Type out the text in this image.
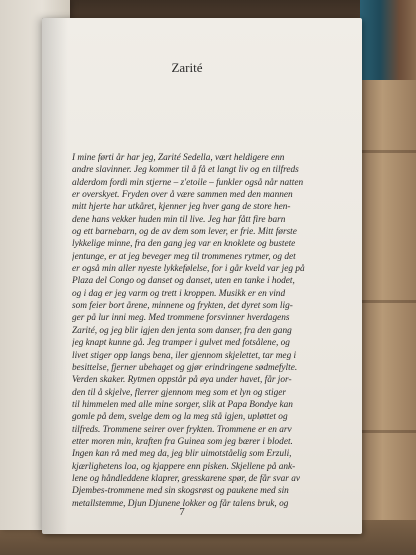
Zarité
I mine førti år har jeg, Zarité Sedella, vært heldigere enn
andre slavinner. Jeg kommer til å få et langt liv og en tilfreds
alderdom fordi min stjerne – z'etoile – funkler også når natten
er overskyet. Fryden over å være sammen med den mannen
mitt hjerte har utkåret, kjenner jeg hver gang de store hen-
dene hans vekker huden min til live. Jeg har fått fire barn
og ett barnebarn, og de av dem som lever, er frie. Mitt første
lykkelige minne, fra den gang jeg var en knoklete og bustete
jentunge, er at jeg beveger meg til trommenes rytmer, og det
er også min aller nyeste lykkefølelse, for i går kveld var jeg på
Plaza del Congo og danset og danset, uten en tanke i hodet,
og i dag er jeg varm og trett i kroppen. Musikk er en vind
som feier bort årene, minnene og frykten, det dyret som lig-
ger på lur inni meg. Med trommene forsvinner hverdagens
Zarité, og jeg blir igjen den jenta som danser, fra den gang
jeg knapt kunne gå. Jeg tramper i gulvet med fotsålene, og
livet stiger opp langs bena, iler gjennom skjelettet, tar meg i
besittelse, fjerner ubehaget og gjør erindringene sødmefylte.
Verden skaker. Rytmen oppstår på øya under havet, får jor-
den til å skjelve, flerrer gjennom meg som et lyn og stiger
til himmelen med alle mine sorger, slik at Papa Bondye kan
gomle på dem, svelge dem og la meg stå igjen, upløttet og
tilfreds. Trommene seirer over frykten. Trommene er en arv
etter moren min, kraften fra Guinea som jeg bærer i blodet.
Ingen kan rå med meg da, jeg blir uimotståelig som Erzuli,
kjærlighetens loa, og kjappere enn pisken. Skjellene på ank-
lene og håndleddene klaprer, gresskarene spør, de får svar av
Djembes-trommene med sin skogsrøst og paukene med sin
metallstemme, Djun Djunene lokker og får talens bruk, og
7
